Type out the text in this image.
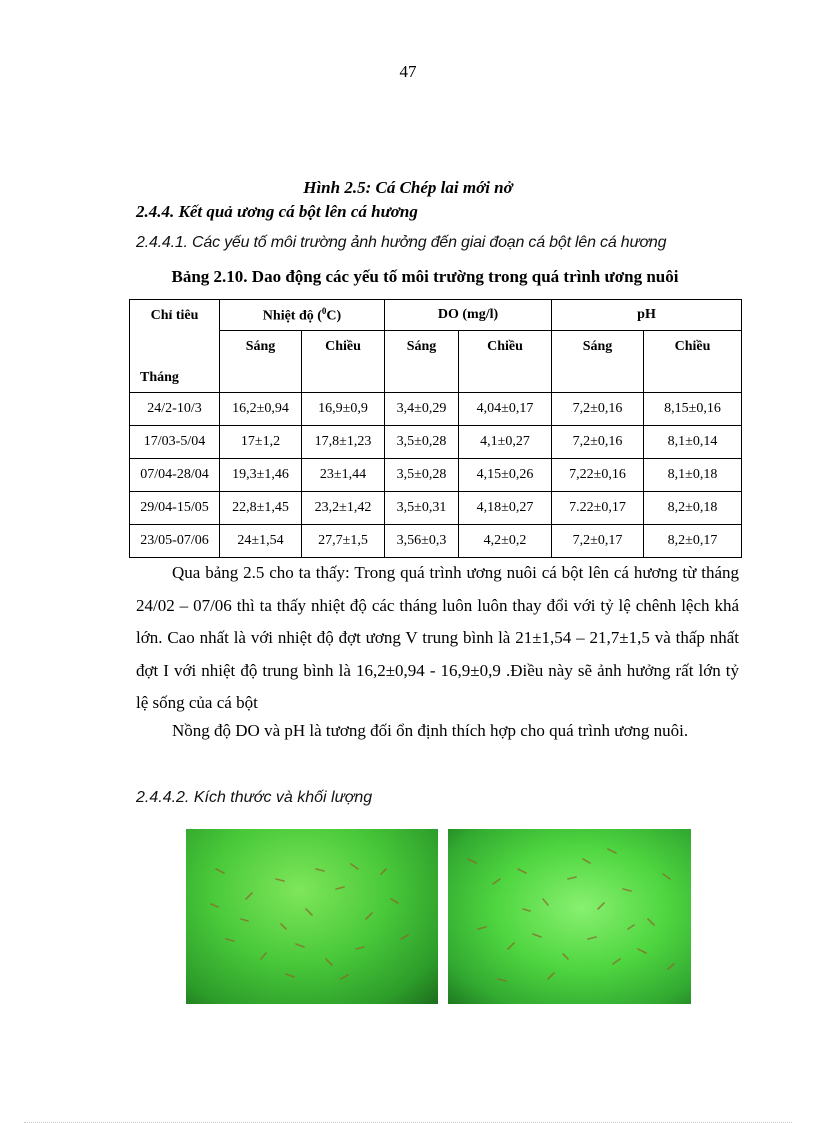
47
Hình 2.5: Cá Chép lai mới nở
2.4.4. Kết quả ương cá bột lên cá hương
2.4.4.1. Các yếu tố môi trường ảnh hưởng đến giai đoạn cá bột lên cá hương
Bảng 2.10. Dao động các yếu tố môi trường trong quá trình ương nuôi
Chỉ tiêu
Tháng	Nhiệt độ ($^0$C)		DO (mg/l)		pH	
	Sáng	Chiều	Sáng	Chiều	Sáng	Chiều
24/2-10/3	16,2±0,94	16,9±0,9	3,4±0,29	4,04±0,17	7,2±0,16	8,15±0,16
17/03-5/04	17±1,2	17,8±1,23	3,5±0,28	4,1±0,27	7,2±0,16	8,1±0,14
07/04-28/04	19,3±1,46	23±1,44	3,5±0,28	4,15±0,26	7,22±0,16	8,1±0,18
29/04-15/05	22,8±1,45	23,2±1,42	3,5±0,31	4,18±0,27	7.22±0,17	8,2±0,18
23/05-07/06	24±1,54	27,7±1,5	3,56±0,3	4,2±0,2	7,2±0,17	8,2±0,17
Qua bảng 2.5 cho ta thấy: Trong quá trình ương nuôi cá bột lên cá hương từ tháng 24/02 – 07/06 thì ta thấy nhiệt độ các tháng luôn luôn thay đổi với tỷ lệ chênh lệch khá lớn. Cao nhất là với nhiệt độ đợt ương V trung bình là 21±1,54 – 21,7±1,5 và thấp nhất đợt I với nhiệt độ trung bình là 16,2±0,94 - 16,9±0,9 .Điều này sẽ ảnh hưởng rất lớn tỷ lệ sống của cá bột
Nồng độ DO và pH là tương đối ổn định thích hợp cho quá trình ương nuôi.
2.4.4.2. Kích thước và khối lượng
